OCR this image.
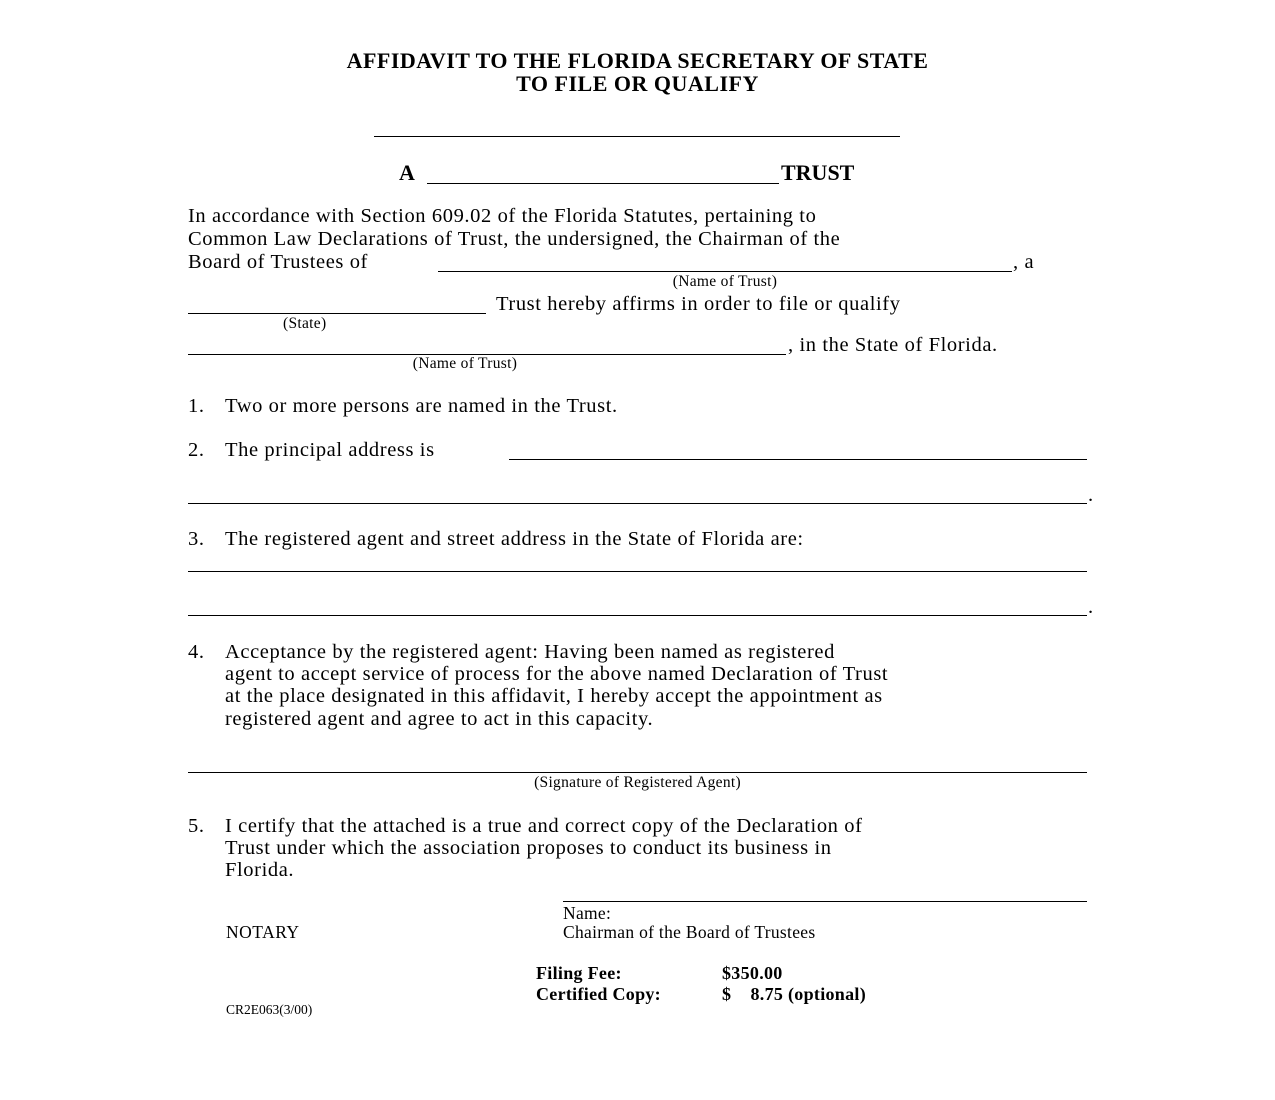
AFFIDAVIT TO THE FLORIDA SECRETARY OF STATE
TO FILE OR QUALIFY
A	TRUST
In accordance with Section 609.02 of the Florida Statutes, pertaining to
Common Law Declarations of Trust, the undersigned, the Chairman of the
Board of Trustees of	, a
(Name of Trust)
Trust hereby affirms in order to file or qualify
(State)
, in the State of Florida.
(Name of Trust)
1. Two or more persons are named in the Trust.
2. The principal address is
.
3. The registered agent and street address in the State of Florida are:
.
4. Acceptance by the registered agent: Having been named as registered
agent to accept service of process for the above named Declaration of Trust
at the place designated in this affidavit, I hereby accept the appointment as
registered agent and agree to act in this capacity.
(Signature of Registered Agent)
5. I certify that the attached is a true and correct copy of the Declaration of
Trust under which the association proposes to conduct its business in
Florida.
Name:
NOTARY	Chairman of the Board of Trustees
Filing Fee:	$350.00
Certified Copy:	$    8.75 (optional)
CR2E063(3/00)
